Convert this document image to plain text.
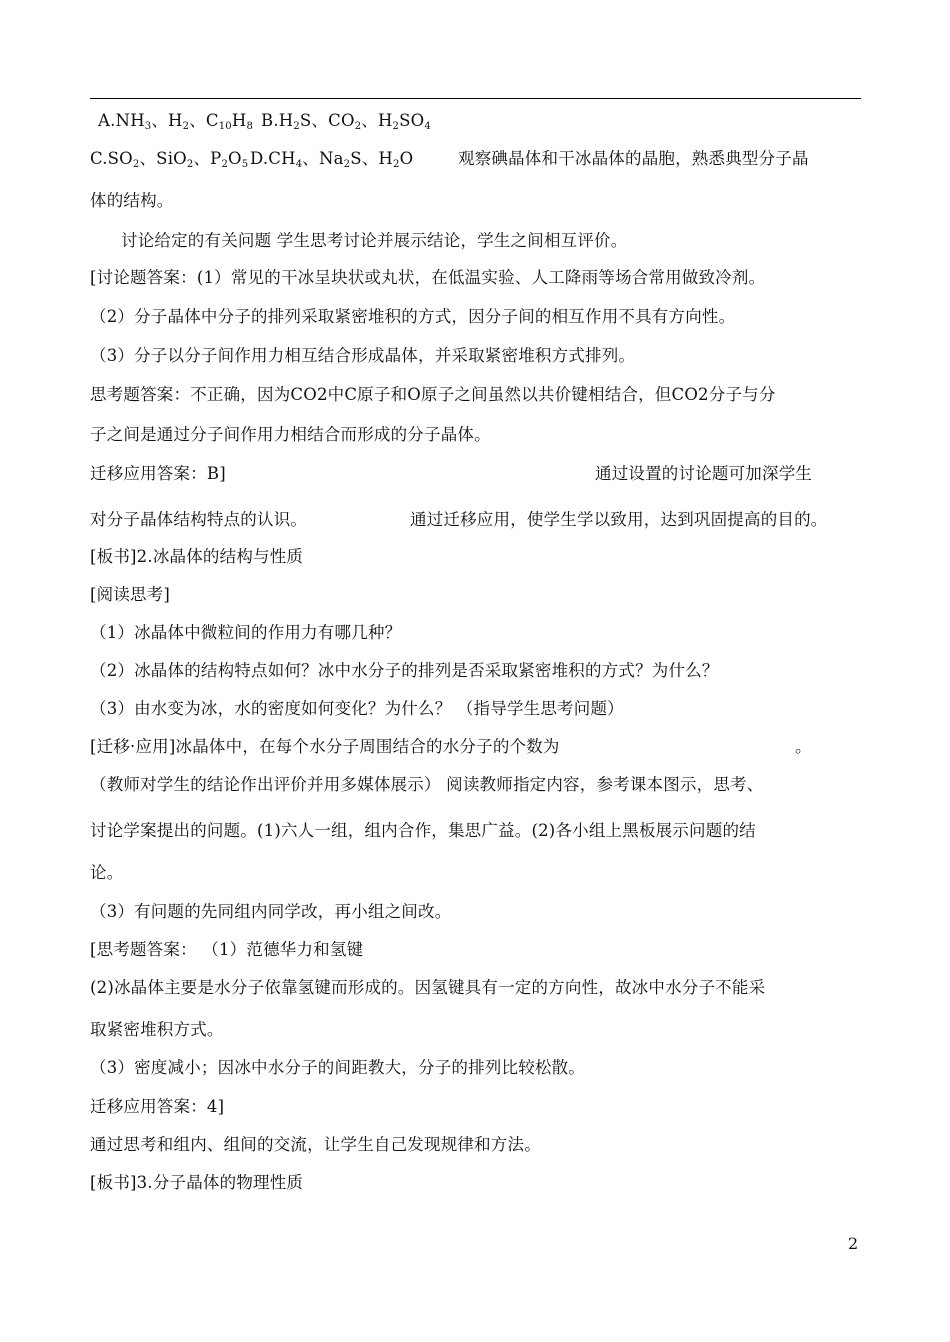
$A.NH_3$、$H_2$、$C_{10}H_8$ $B.H_2S$、$CO_2$、$H_2SO_4$
$C.SO_2$、SiO$_2$、$P_2O_5$ $D.CH_4$、$Na_2S$、$H_2O$	观察碘晶体和干冰晶体的晶胞，熟悉典型分子晶
体的结构。
讨论给定的有关问题 学生思考讨论并展示结论，学生之间相互评价。
[讨论题答案：(1）常见的干冰呈块状或丸状，在低温实验、人工降雨等场合常用做致冷剂。
（2）分子晶体中分子的排列采取紧密堆积的方式，因分子间的相互作用不具有方向性。
（3）分子以分子间作用力相互结合形成晶体，并采取紧密堆积方式排列。
思考题答案：不正确，因为CO2中C原子和O原子之间虽然以共价键相结合，但CO2分子与分
子之间是通过分子间作用力相结合而形成的分子晶体。
迁移应用答案：B]	通过设置的讨论题可加深学生
对分子晶体结构特点的认识。	通过迁移应用，使学生学以致用，达到巩固提高的目的。
[板书]2.冰晶体的结构与性质
[阅读思考]
（1）冰晶体中微粒间的作用力有哪几种？
（2）冰晶体的结构特点如何？冰中水分子的排列是否采取紧密堆积的方式？为什么？
（3）由水变为冰，水的密度如何变化？为什么？ （指导学生思考问题）
[迁移·应用]冰晶体中，在每个水分子周围结合的水分子的个数为	。
（教师对学生的结论作出评价并用多媒体展示） 阅读教师指定内容，参考课本图示，思考、
讨论学案提出的问题。(1)六人一组，组内合作，集思广益。(2)各小组上黑板展示问题的结
论。
（3）有问题的先同组内同学改，再小组之间改。
[思考题答案： （1）范德华力和氢键
(2)冰晶体主要是水分子依靠氢键而形成的。因氢键具有一定的方向性，故冰中水分子不能采
取紧密堆积方式。
（3）密度减小；因冰中水分子的间距教大，分子的排列比较松散。
迁移应用答案：4]
通过思考和组内、组间的交流，让学生自己发现规律和方法。
[板书]3.分子晶体的物理性质
2
